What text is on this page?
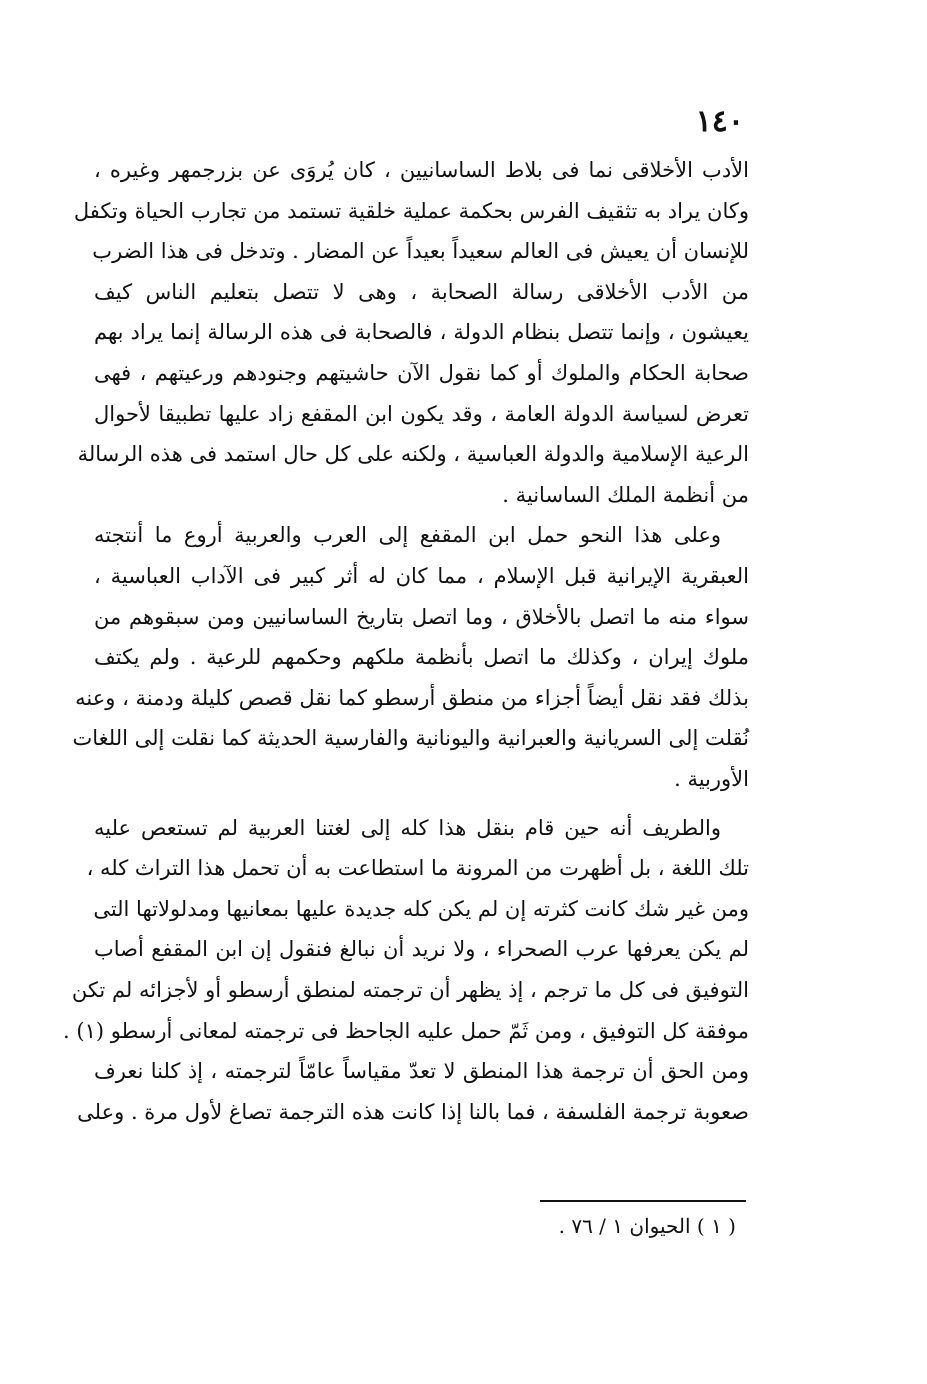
١٤٠
الأدب الأخلاقى نما فى بلاط الساسانيين ، كان يُروَى عن بزرجمهر وغيره ،
وكان يراد به تثقيف الفرس بحكمة عملية خلقية تستمد من تجارب الحياة وتكفل
للإنسان أن يعيش فى العالم سعيداً بعيداً عن المضار . وتدخل فى هذا الضرب
من الأدب الأخلاقى رسالة الصحابة ، وهى لا تتصل بتعليم الناس كيف
يعيشون ، وإنما تتصل بنظام الدولة ، فالصحابة فى هذه الرسالة إنما يراد بهم
صحابة الحكام والملوك أو كما نقول الآن حاشيتهم وجنودهم ورعيتهم ، فهى
تعرض لسياسة الدولة العامة ، وقد يكون ابن المقفع زاد عليها تطبيقا لأحوال
الرعية الإسلامية والدولة العباسية ، ولكنه على كل حال استمد فى هذه الرسالة
من أنظمة الملك الساسانية .
وعلى هذا النحو حمل ابن المقفع إلى العرب والعربية أروع ما أنتجته
العبقرية الإيرانية قبل الإسلام ، مما كان له أثر كبير فى الآداب العباسية ،
سواء منه ما اتصل بالأخلاق ، وما اتصل بتاريخ الساسانيين ومن سبقوهم من
ملوك إيران ، وكذلك ما اتصل بأنظمة ملكهم وحكمهم للرعية . ولم يكتف
بذلك فقد نقل أيضاً أجزاء من منطق أرسطو كما نقل قصص كليلة ودمنة ، وعنه
نُقلت إلى السريانية والعبرانية واليونانية والفارسية الحديثة كما نقلت إلى اللغات
الأوربية .
والطريف أنه حين قام بنقل هذا كله إلى لغتنا العربية لم تستعص عليه
تلك اللغة ، بل أظهرت من المرونة ما استطاعت به أن تحمل هذا التراث كله ،
ومن غير شك كانت كثرته إن لم يكن كله جديدة عليها بمعانيها ومدلولاتها التى
لم يكن يعرفها عرب الصحراء ، ولا نريد أن نبالغ فنقول إن ابن المقفع أصاب
التوفيق فى كل ما ترجم ، إذ يظهر أن ترجمته لمنطق أرسطو أو لأجزائه لم تكن
موفقة كل التوفيق ، ومن ثَمّ حمل عليه الجاحظ فى ترجمته لمعانى أرسطو (١) .
ومن الحق أن ترجمة هذا المنطق لا تعدّ مقياساً عامّاً لترجمته ، إذ كلنا نعرف
صعوبة ترجمة الفلسفة ، فما بالنا إذا كانت هذه الترجمة تصاغ لأول مرة . وعلى
( ١ ) الحيوان ١ / ٧٦ .
